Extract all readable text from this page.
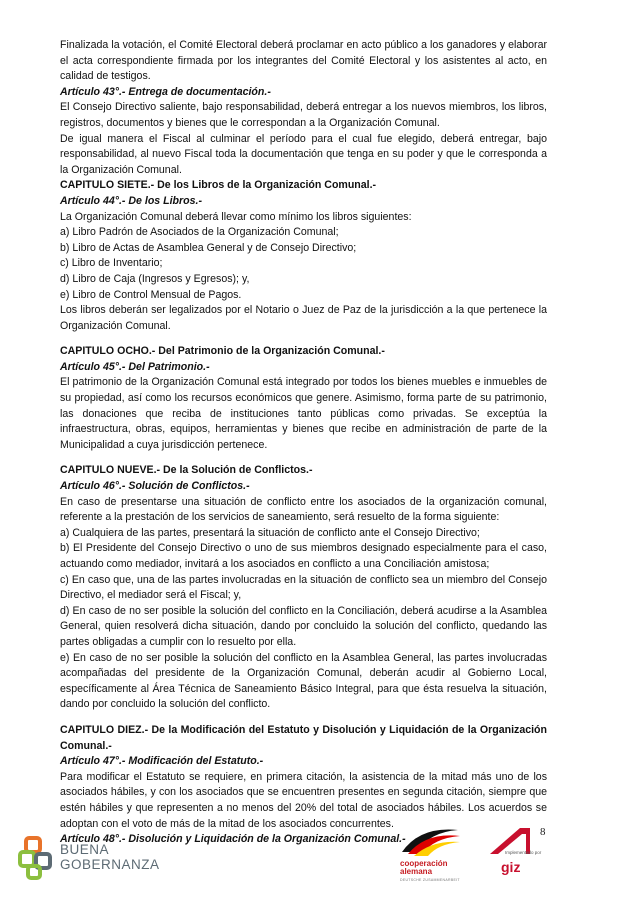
Finalizada la votación, el Comité Electoral deberá proclamar en acto público a los ganadores y elaborar el acta correspondiente firmada por los integrantes del Comité Electoral y los asistentes al acto, en calidad de testigos.

Artículo 43°.- Entrega de documentación.-

El Consejo Directivo saliente, bajo responsabilidad, deberá entregar a los nuevos miembros, los libros, registros, documentos y bienes que le correspondan a la Organización Comunal.

De igual manera el Fiscal al culminar el período para el cual fue elegido, deberá entregar, bajo responsabilidad, al nuevo Fiscal toda la documentación que tenga en su poder y que le corresponda a la Organización Comunal.

CAPITULO SIETE.- De los Libros de la Organización Comunal.-

Artículo 44°.- De los Libros.-

La Organización Comunal deberá llevar como mínimo los libros siguientes:

a) Libro Padrón de Asociados de la Organización Comunal;

b) Libro de Actas de Asamblea General y de Consejo Directivo;

c) Libro de Inventario;

d) Libro de Caja (Ingresos y Egresos); y,

e) Libro de Control Mensual de Pagos.

Los libros deberán ser legalizados por el Notario o Juez de Paz de la jurisdicción a la que pertenece la Organización Comunal.

CAPITULO OCHO.- Del Patrimonio de la Organización Comunal.-

Artículo 45°.- Del Patrimonio.-

El patrimonio de la Organización Comunal está integrado por todos los bienes muebles e inmuebles de su propiedad, así como los recursos económicos que genere. Asimismo, forma parte de su patrimonio, las donaciones que reciba de instituciones tanto públicas como privadas. Se exceptúa la infraestructura, obras, equipos, herramientas y bienes que recibe en administración de parte de la Municipalidad a cuya jurisdicción pertenece.

CAPITULO NUEVE.- De la Solución de Conflictos.-

Artículo 46°.- Solución de Conflictos.-

En caso de presentarse una situación de conflicto entre los asociados de la organización comunal, referente a la prestación de los servicios de saneamiento, será resuelto de la forma siguiente:

a) Cualquiera de las partes, presentará la situación de conflicto ante el Consejo Directivo;

b) El Presidente del Consejo Directivo o uno de sus miembros designado especialmente para el caso, actuando como mediador, invitará a los asociados en conflicto a una Conciliación amistosa;

c) En caso que, una de las partes involucradas en la situación de conflicto sea un miembro del Consejo Directivo, el mediador será el Fiscal; y,

d) En caso de no ser posible la solución del conflicto en la Conciliación, deberá acudirse a la Asamblea General, quien resolverá dicha situación, dando por concluido la solución del conflicto, quedando las partes obligadas a cumplir con lo resuelto por ella.

e) En caso de no ser posible la solución del conflicto en la Asamblea General, las partes involucradas acompañadas del presidente de la Organización Comunal, deberán acudir al Gobierno Local, específicamente al Área Técnica de Saneamiento Básico Integral, para que ésta resuelva la situación, dando por concluido la solución del conflicto.

CAPITULO DIEZ.- De la Modificación del Estatuto y Disolución y Liquidación de la Organización Comunal.-

Artículo 47°.- Modificación del Estatuto.-

Para modificar el Estatuto se requiere, en primera citación, la asistencia de la mitad más uno de los asociados hábiles, y con los asociados que se encuentren presentes en segunda citación, siempre que estén hábiles y que representen a no menos del 20% del total de asociados hábiles. Los acuerdos se adoptan con el voto de más de la mitad de los asociados concurrentes.

Artículo 48°.- Disolución y Liquidación de la Organización Comunal.-

8
BUENA
GOBERNANZA	cooperación
alemana
DEUTSCHE ZUSAMMENARBEIT
Implementado por
giz
